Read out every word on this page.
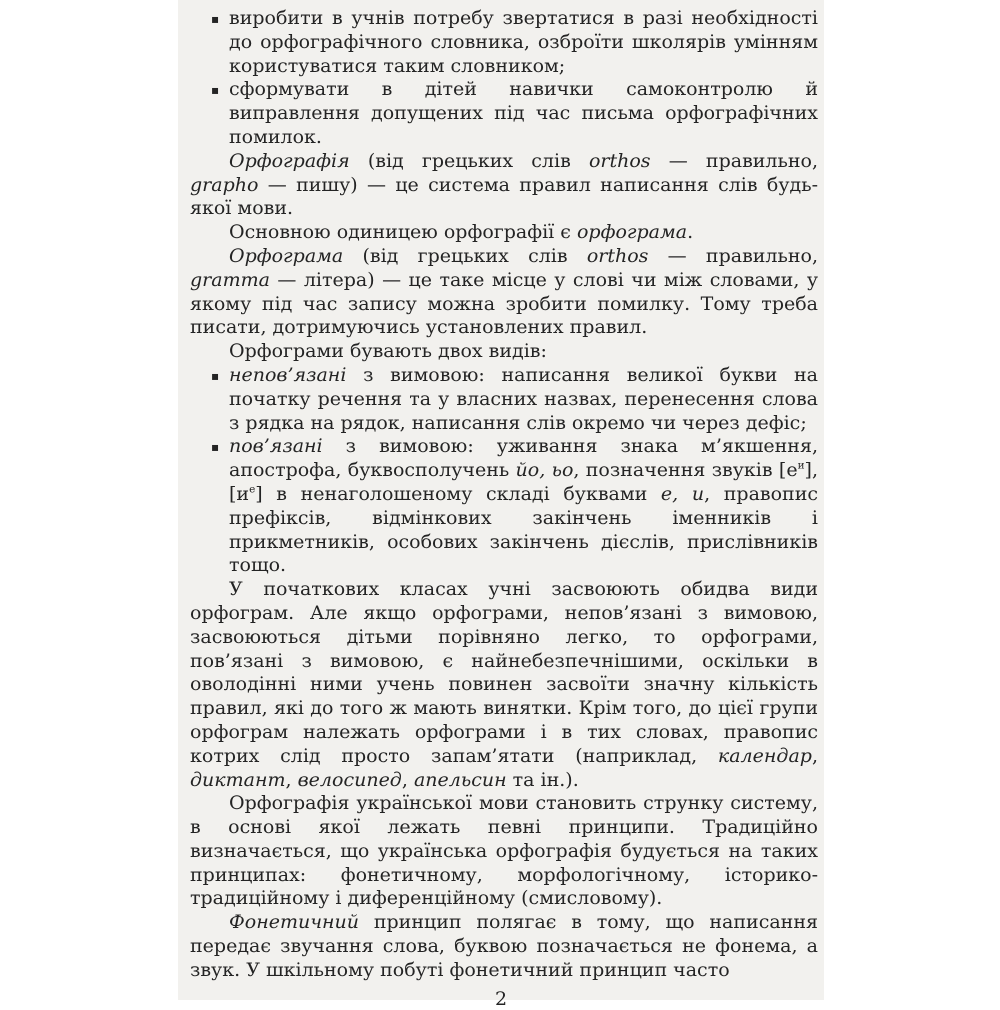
▪ виробити в учнів потребу звертатися в разі необхідності до орфографічного словника, озброїти школярів умінням користуватися таким словником;
▪ сформувати в дітей навички самоконтролю й виправлення допущених під час письма орфографічних помилок.
Орфографія (від грецьких слів orthos — правильно, grapho — пишу) — це система правил написання слів будь-якої мови.
Основною одиницею орфографії є орфограма.
Орфограма (від грецьких слів orthos — правильно, gramma — літера) — це таке місце у слові чи між словами, у якому під час запису можна зробити помилку. Тому треба писати, дотримуючись установлених правил.
Орфограми бувають двох видів:
▪ непов’язані з вимовою: написання великої букви на початку речення та у власних назвах, перенесення слова з рядка на рядок, написання слів окремо чи через дефіс;
▪ пов’язані з вимовою: уживання знака м’якшення, апострофа, буквосполучень йо, ьо, позначення звуків $[е^и]$, $[и^е]$ в ненаголошеному складі буквами е, и, правопис префіксів, відмінкових закінчень іменників і прикметників, особових закінчень дієслів, прислівників тощо.
У початкових класах учні засвоюють обидва види орфограм. Але якщо орфограми, непов’язані з вимовою, засвоюються дітьми порівняно легко, то орфограми, пов’язані з вимовою, є найнебезпечнішими, оскільки в оволодінні ними учень повинен засвоїти значну кількість правил, які до того ж мають винятки. Крім того, до цієї групи орфограм належать орфограми і в тих словах, правопис котрих слід просто запам’ятати (наприклад, календар, диктант, велосипед, апельсин та ін.).
Орфографія української мови становить струнку систему, в основі якої лежать певні принципи. Традиційно визначається, що українська орфографія будується на таких принципах: фонетичному, морфологічному, історико-традиційному і диференційному (смисловому).
Фонетичний принцип полягає в тому, що написання передає звучання слова, буквою позначається не фонема, а звук. У шкільному побуті фонетичний принцип часто
2
